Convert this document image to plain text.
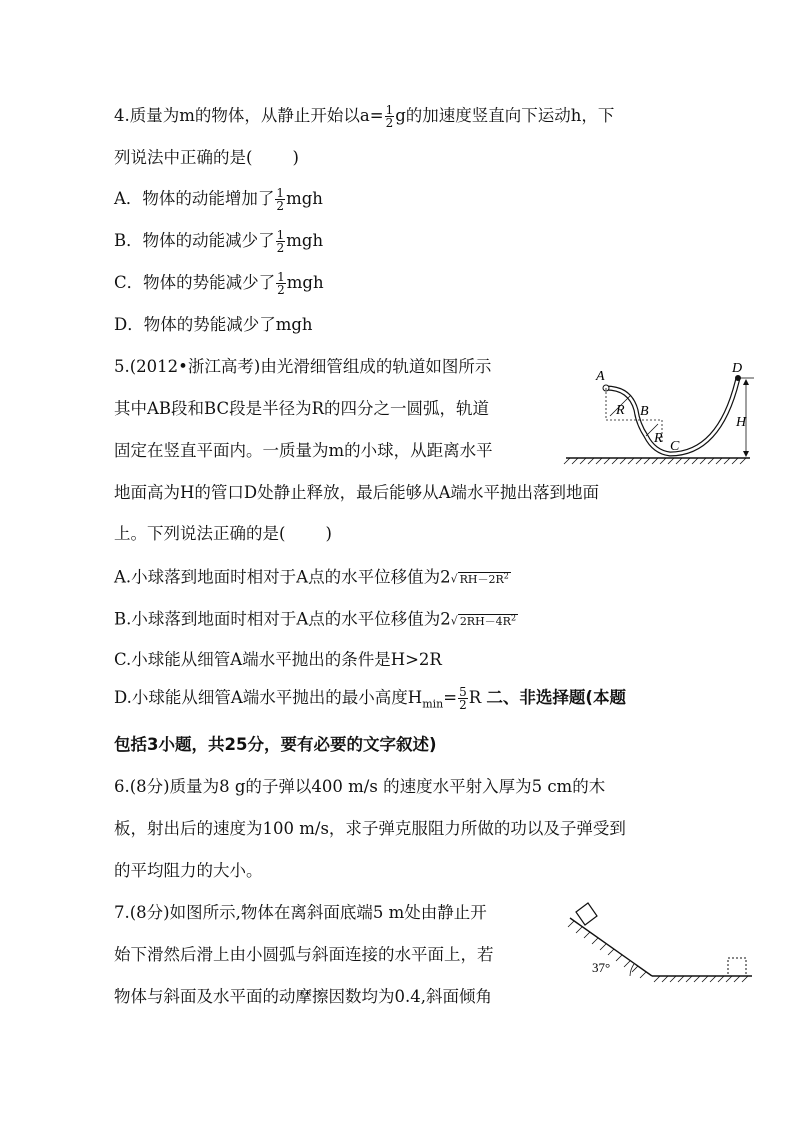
4.质量为m的物体，从静止开始以$a= \frac{1}{2}$ g的加速度竖直向下运动h，下
列说法中正确的是( )
A．物体的动能增加了 $\frac{1}{2}$ mgh
B．物体的动能减少了 $\frac{1}{2}$ mgh
C．物体的势能减少了 $\frac{1}{2}$ mgh
D．物体的势能减少了mgh
5.(2012•浙江高考)由光滑细管组成的轨道如图所示
其中AB段和BC段是半径为R的四分之一圆弧，轨道
固定在竖直平面内。一质量为m的小球，从距离水平
地面高为H的管口D处静止释放，最后能够从A端水平抛出落到地面
上。下列说法正确的是( )
A.小球落到地面时相对于A点的水平位移值为2√ $RH-2R^2$
B.小球落到地面时相对于A点的水平位移值为2√ $2RH-4R^2$
C.小球能从细管A端水平抛出的条件是H>2R
D.小球能从细管A端水平抛出的最小高度$H_{min}= \frac{5}{2}$ R 二、非选择题(本题
包括3小题，共25分，要有必要的文字叙述)
6.(8分)质量为8 g的子弹以400 m/s 的速度水平射入厚为5 cm的木
板，射出后的速度为100 m/s，求子弹克服阻力所做的功以及子弹受到
的平均阻力的大小。
7.(8分)如图所示,物体在离斜面底端5 m处由静止开
始下滑然后滑上由小圆弧与斜面连接的水平面上，若
物体与斜面及水平面的动摩擦因数均为0.4,斜面倾角
A
B
C
D
R
R
H
37°
